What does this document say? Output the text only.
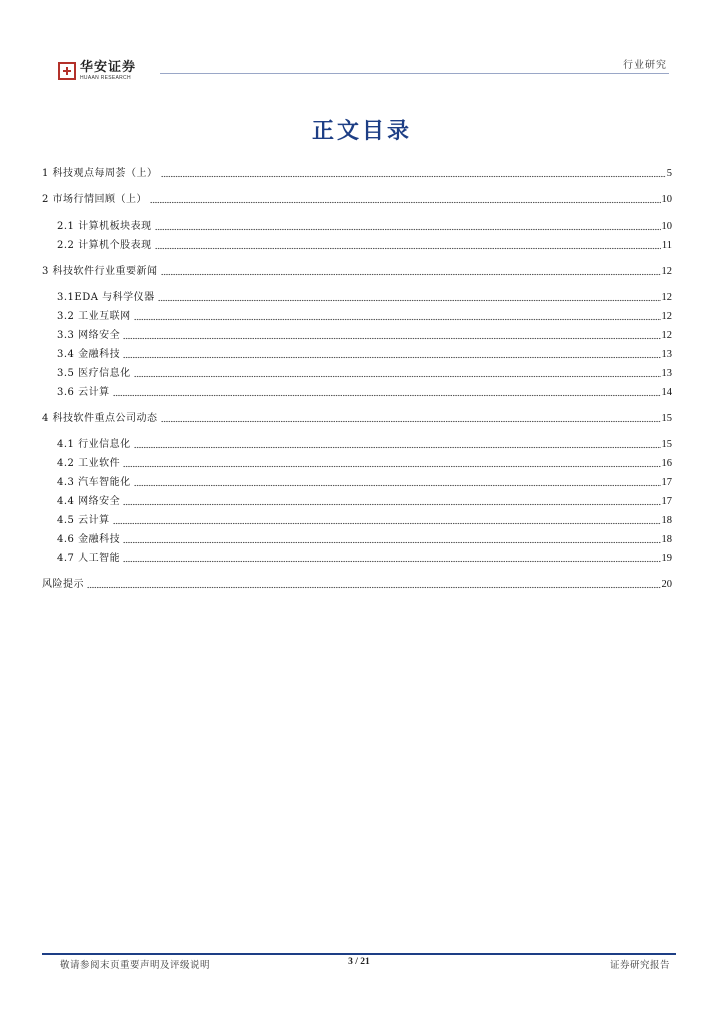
华安证券
HUAAN RESEARCH
行业研究
正文目录
1 科技观点每周荟（上）	5
2 市场行情回顾（上）	10
2.1 计算机板块表现	10
2.2 计算机个股表现	11
3 科技软件行业重要新闻	12
3.1EDA 与科学仪器	12
3.2 工业互联网	12
3.3 网络安全	12
3.4 金融科技	13
3.5 医疗信息化	13
3.6 云计算	14
4 科技软件重点公司动态	15
4.1 行业信息化	15
4.2 工业软件	16
4.3 汽车智能化	17
4.4 网络安全	17
4.5 云计算	18
4.6 金融科技	18
4.7 人工智能	19
风险提示	20
敬请参阅末页重要声明及评级说明	3 / 21	证券研究报告
